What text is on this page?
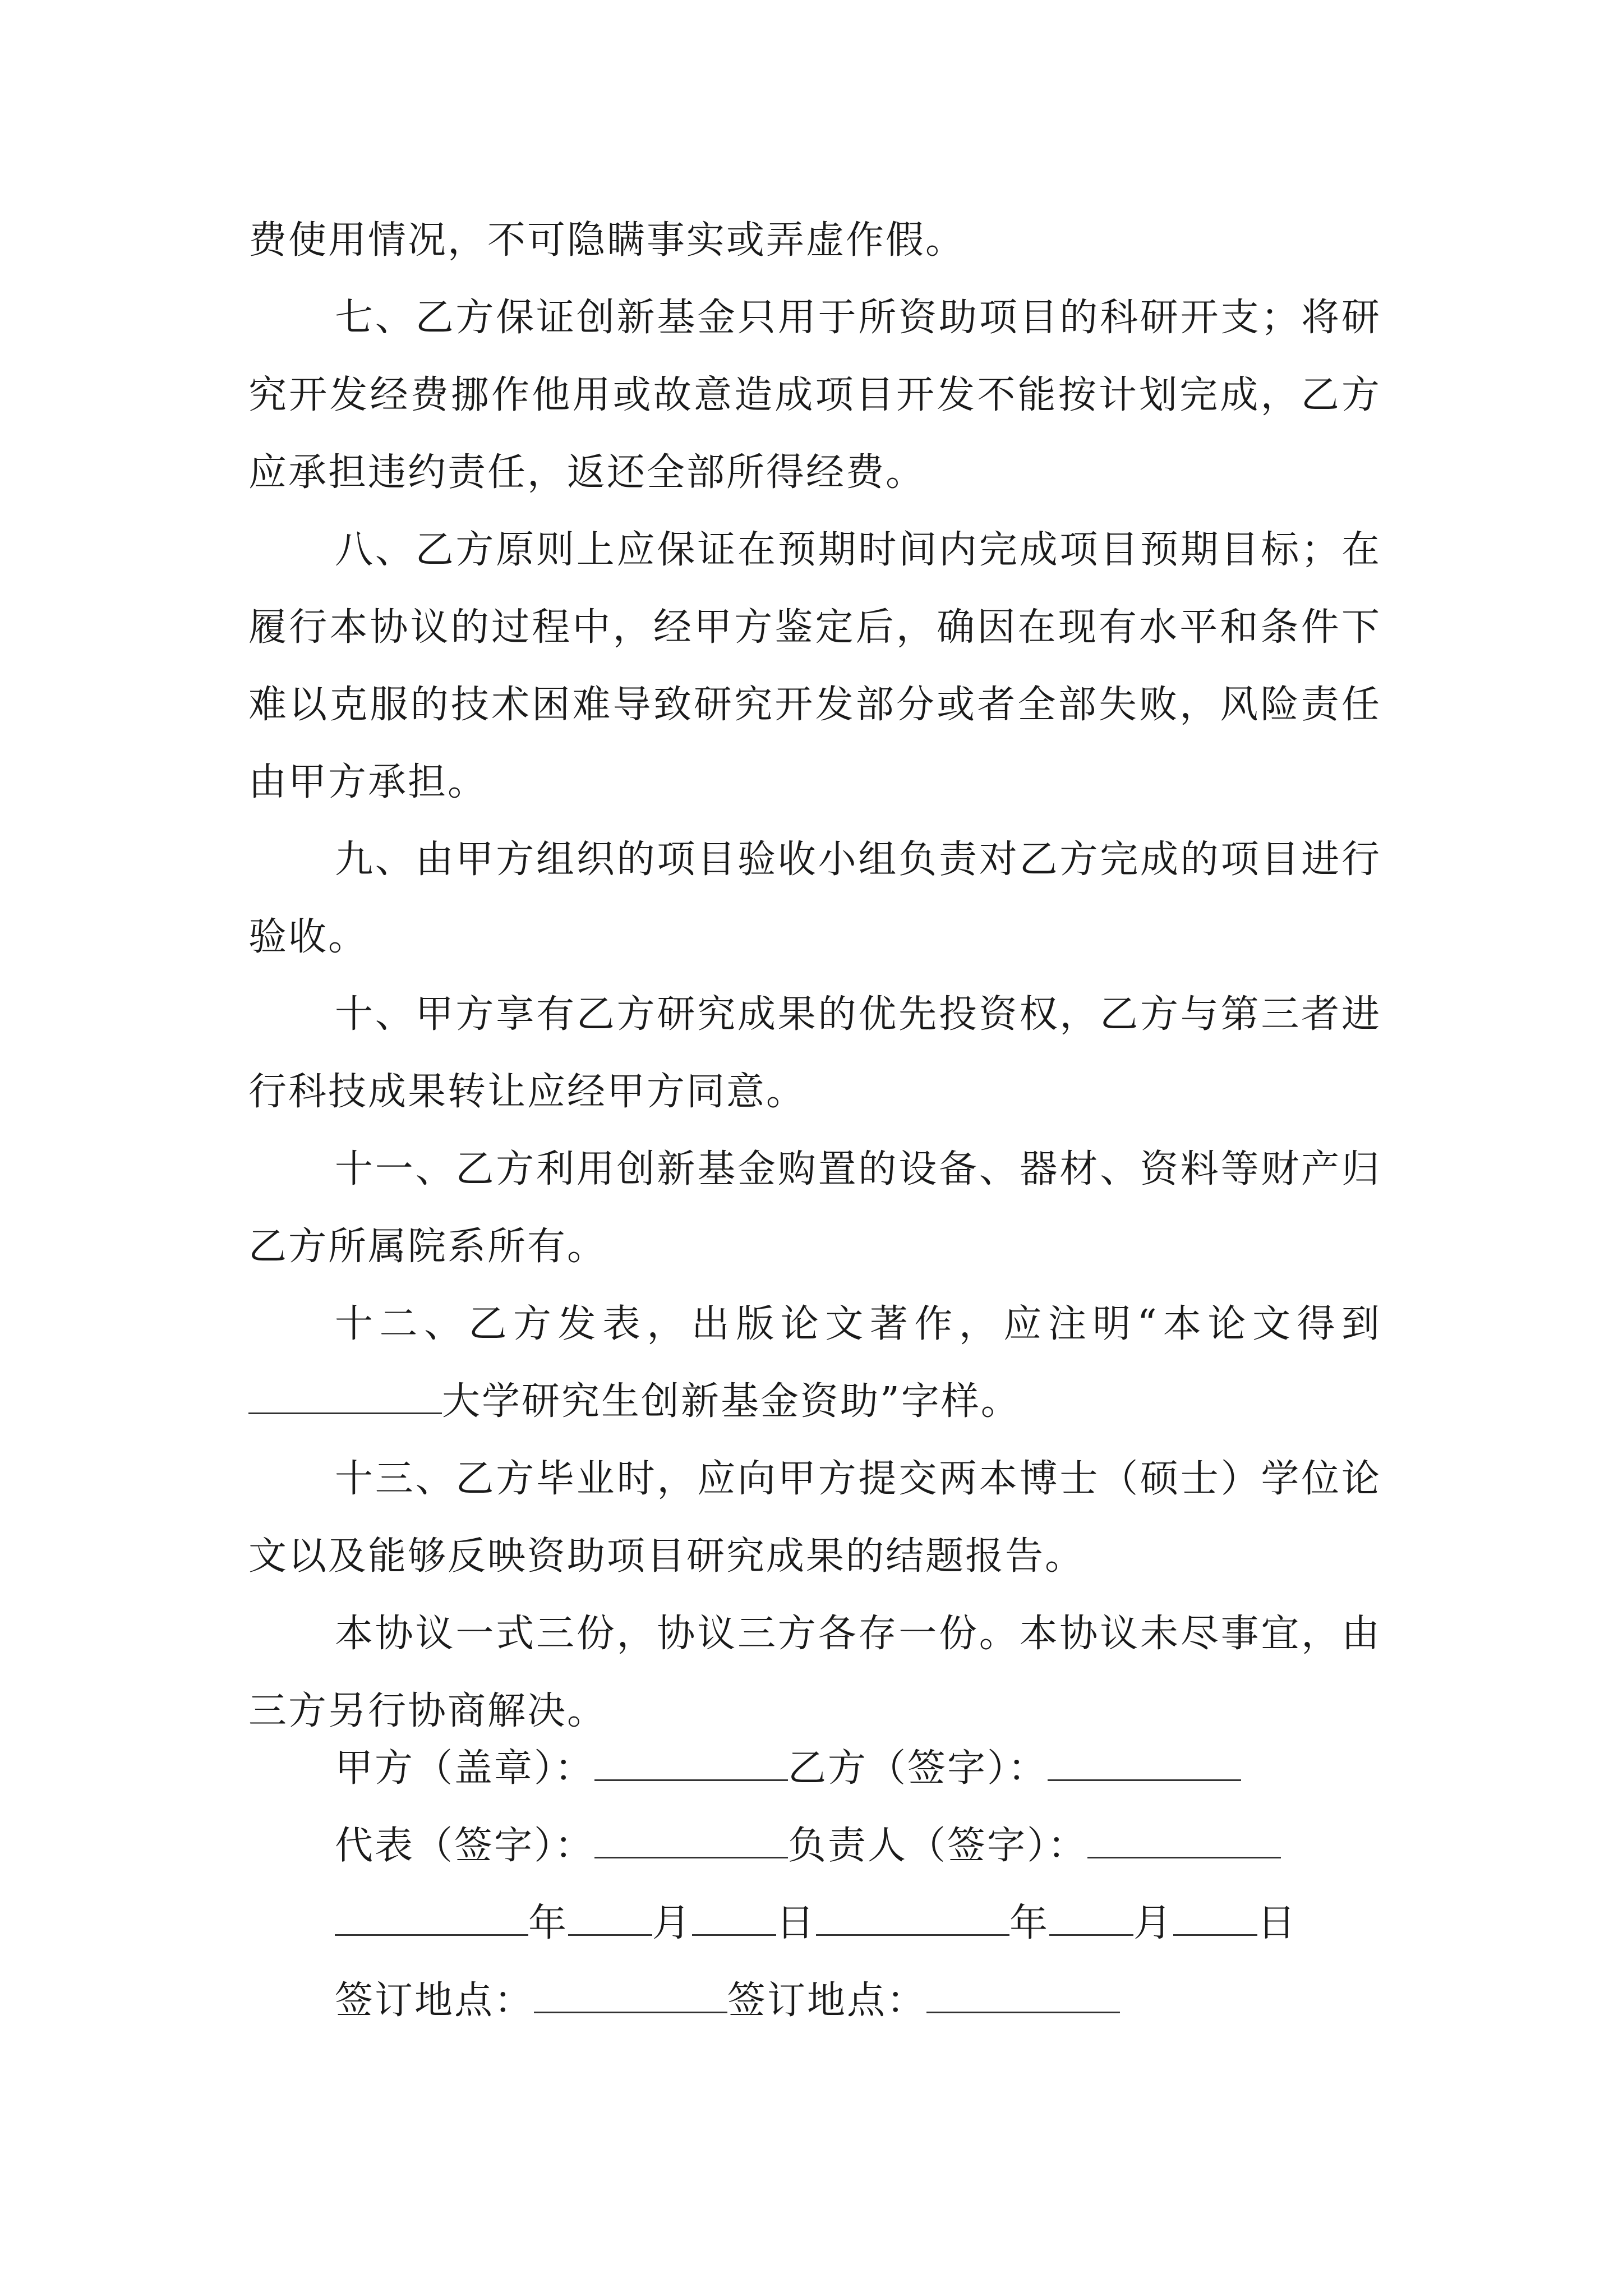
费使用情况，不可隐瞒事实或弄虚作假。

七、乙方保证创新基金只用于所资助项目的科研开支；将研究开发经费挪作他用或故意造成项目开发不能按计划完成，乙方应承担违约责任，返还全部所得经费。

八、乙方原则上应保证在预期时间内完成项目预期目标；在履行本协议的过程中，经甲方鉴定后，确因在现有水平和条件下难以克服的技术困难导致研究开发部分或者全部失败，风险责任由甲方承担。

九、由甲方组织的项目验收小组负责对乙方完成的项目进行验收。

十、甲方享有乙方研究成果的优先投资权，乙方与第三者进行科技成果转让应经甲方同意。

十一、乙方利用创新基金购置的设备、器材、资料等财产归乙方所属院系所有。

十二、乙方发表，出版论文著作，应注明“本论文得到大学研究生创新基金资助”字样。

十三、乙方毕业时，应向甲方提交两本博士（硕士）学位论文以及能够反映资助项目研究成果的结题报告。

本协议一式三份，协议三方各存一份。本协议未尽事宜，由三方另行协商解决。

甲方（盖章）：	乙方（签字）：
代表（签字）：	负责人（签字）：
年 月 日	年 月 日
签订地点：	签订地点：
